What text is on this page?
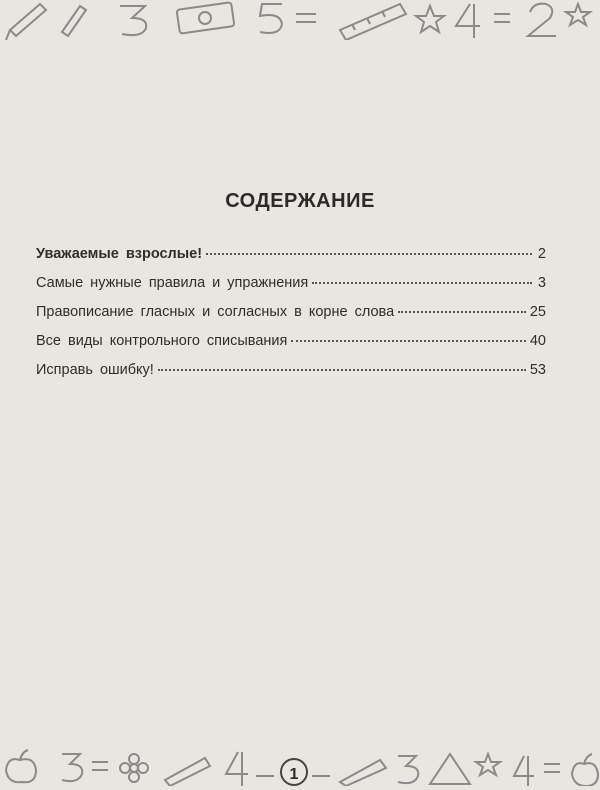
СОДЕРЖАНИЕ
Уважаемые взрослые!	2
Самые нужные правила и упражнения	3
Правописание гласных и согласных в корне слова	25
Все виды контрольного списывания	40
Исправь ошибку!	53
1
